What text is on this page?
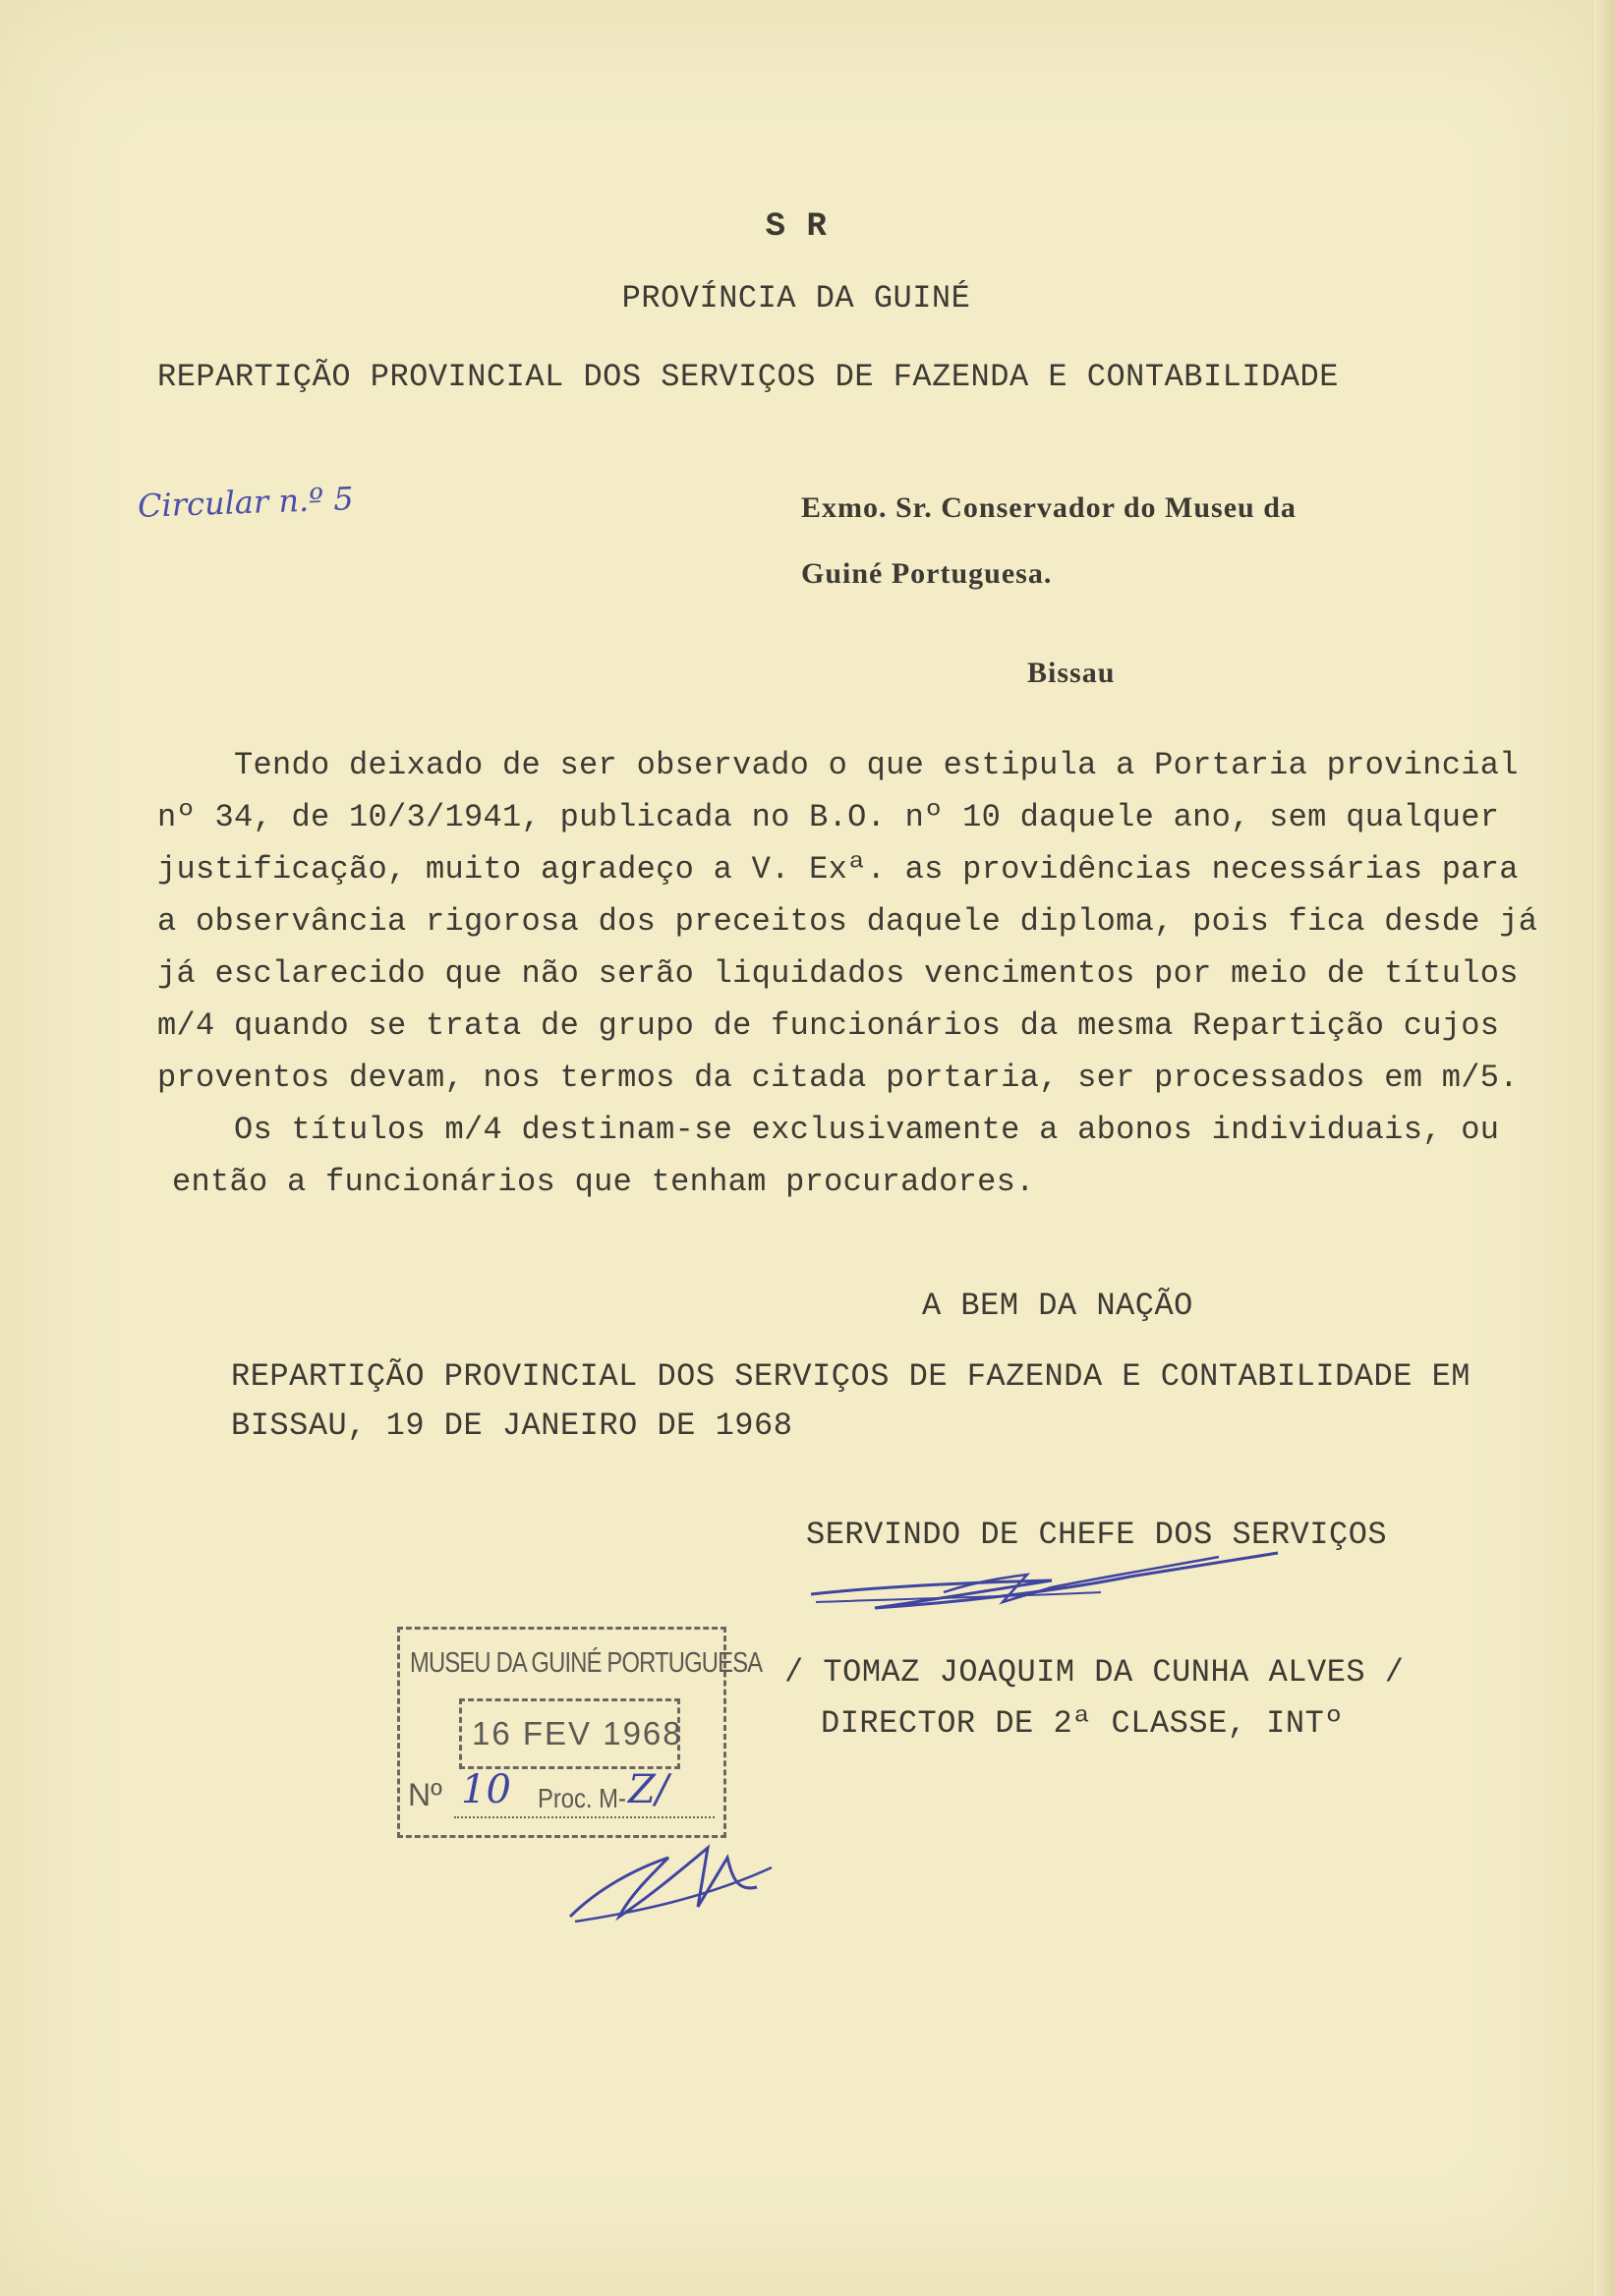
S R
PROVÍNCIA DA GUINÉ
REPARTIÇÃO PROVINCIAL DOS SERVIÇOS DE FAZENDA E CONTABILIDADE
Circular n.º 5	Exmo. Sr. Conservador do Museu da
Guiné Portuguesa.
Bissau
Tendo deixado de ser observado o que estipula a Portaria provincial
nº 34, de 10/3/1941, publicada no B.O. nº 10 daquele ano, sem qualquer
justificação, muito agradeço a V. Exª. as providências necessárias para
a observância rigorosa dos preceitos daquele diploma, pois fica desde já
já esclarecido que não serão liquidados vencimentos por meio de títulos
m/4 quando se trata de grupo de funcionários da mesma Repartição cujos
proventos devam, nos termos da citada portaria, ser processados em m/5.
Os títulos m/4 destinam-se exclusivamente a abonos individuais, ou
então a funcionários que tenham procuradores.
A BEM DA NAÇÃO
REPARTIÇÃO PROVINCIAL DOS SERVIÇOS DE FAZENDA E CONTABILIDADE EM
BISSAU, 19 DE JANEIRO DE 1968
SERVINDO DE CHEFE DOS SERVIÇOS
/ TOMAZ JOAQUIM DA CUNHA ALVES /
DIRECTOR DE 2ª CLASSE, INTº
MUSEU DA GUINÉ PORTUGUESA
16 FEV 1968
Nº 10 Proc. M- Z/
